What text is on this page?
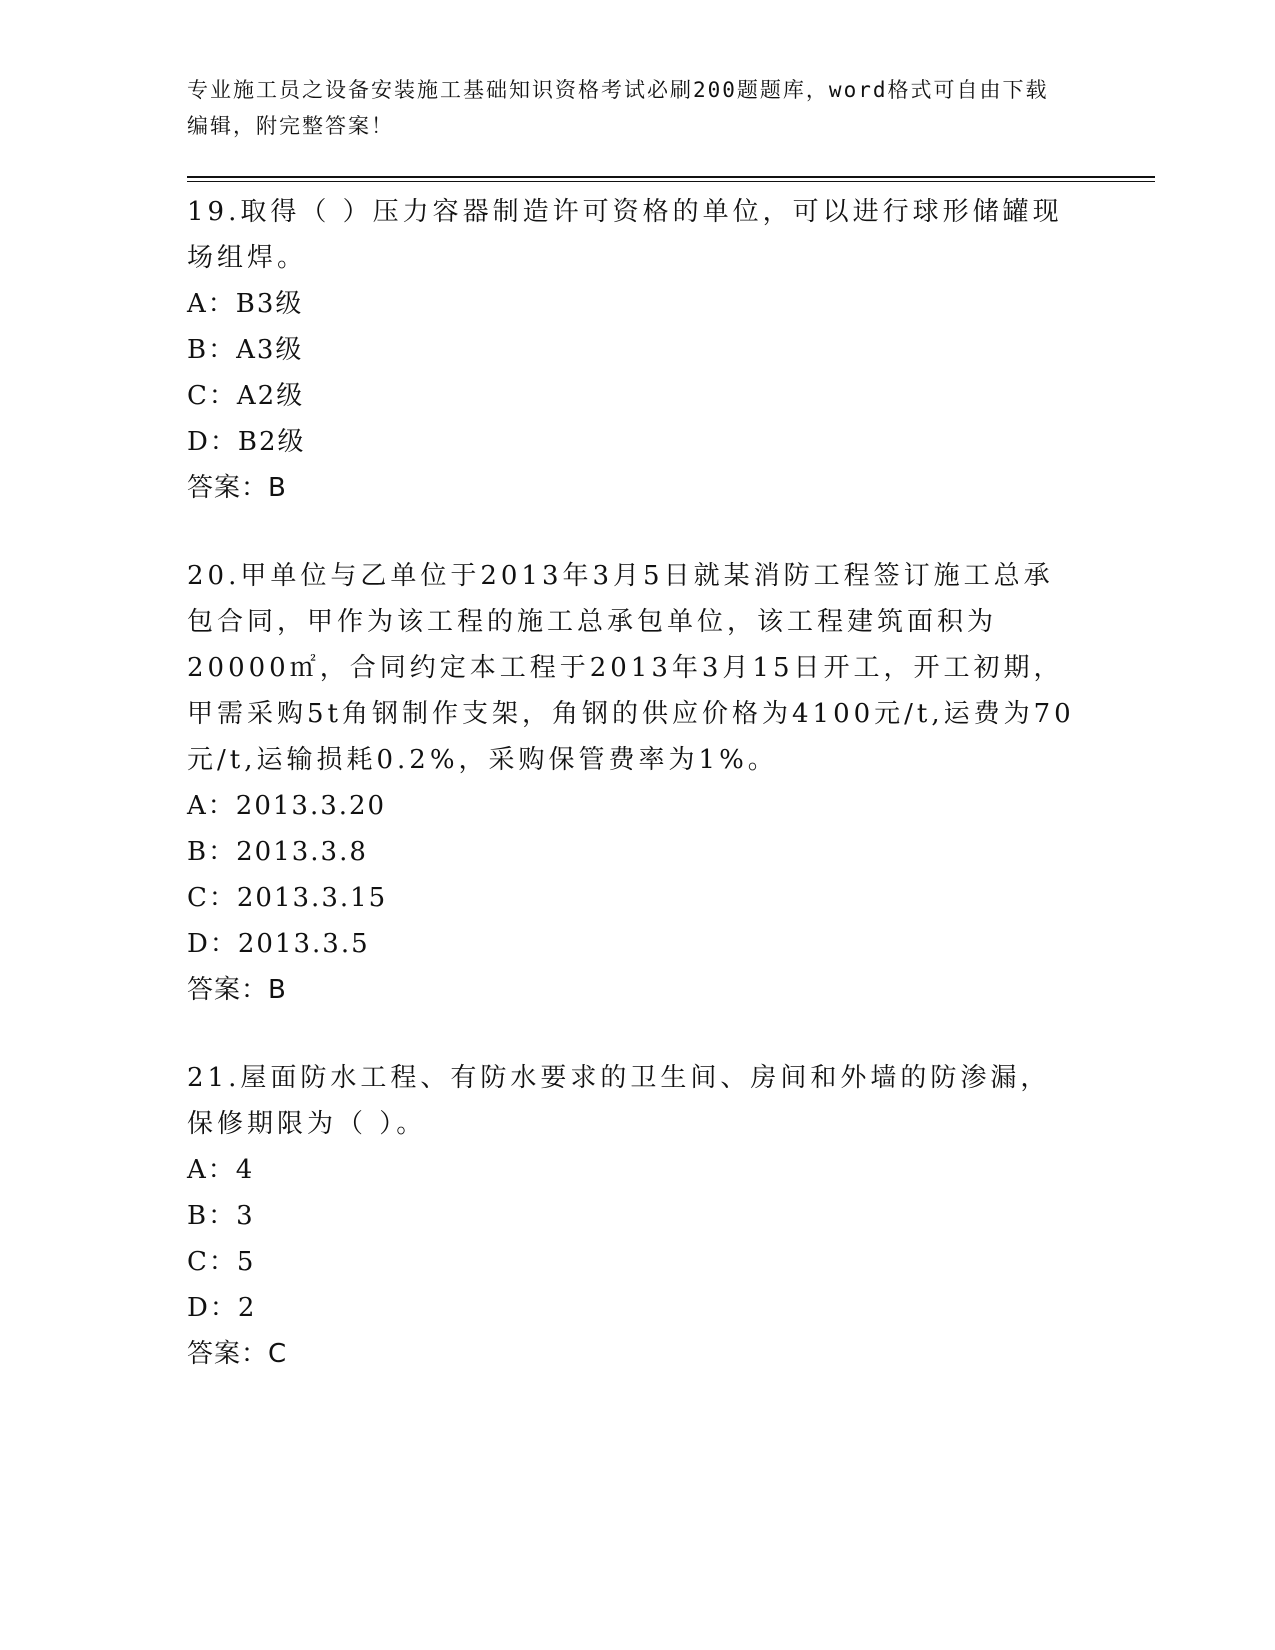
专业施工员之设备安装施工基础知识资格考试必刷200题题库，word格式可自由下载编辑，附完整答案！
19.取得（ ）压力容器制造许可资格的单位，可以进行球形储罐现场组焊。
A：B3级
B：A3级
C：A2级
D：B2级
答案：B
20.甲单位与乙单位于2013年3月5日就某消防工程签订施工总承包合同，甲作为该工程的施工总承包单位，该工程建筑面积为20000㎡，合同约定本工程于2013年3月15日开工，开工初期，甲需采购5t角钢制作支架，角钢的供应价格为4100元/t,运费为70元/t,运输损耗0.2%，采购保管费率为1%。
A：2013.3.20
B：2013.3.8
C：2013.3.15
D：2013.3.5
答案：B
21.屋面防水工程、有防水要求的卫生间、房间和外墙的防渗漏，保修期限为（ ）。
A：4
B：3
C：5
D：2
答案：C
